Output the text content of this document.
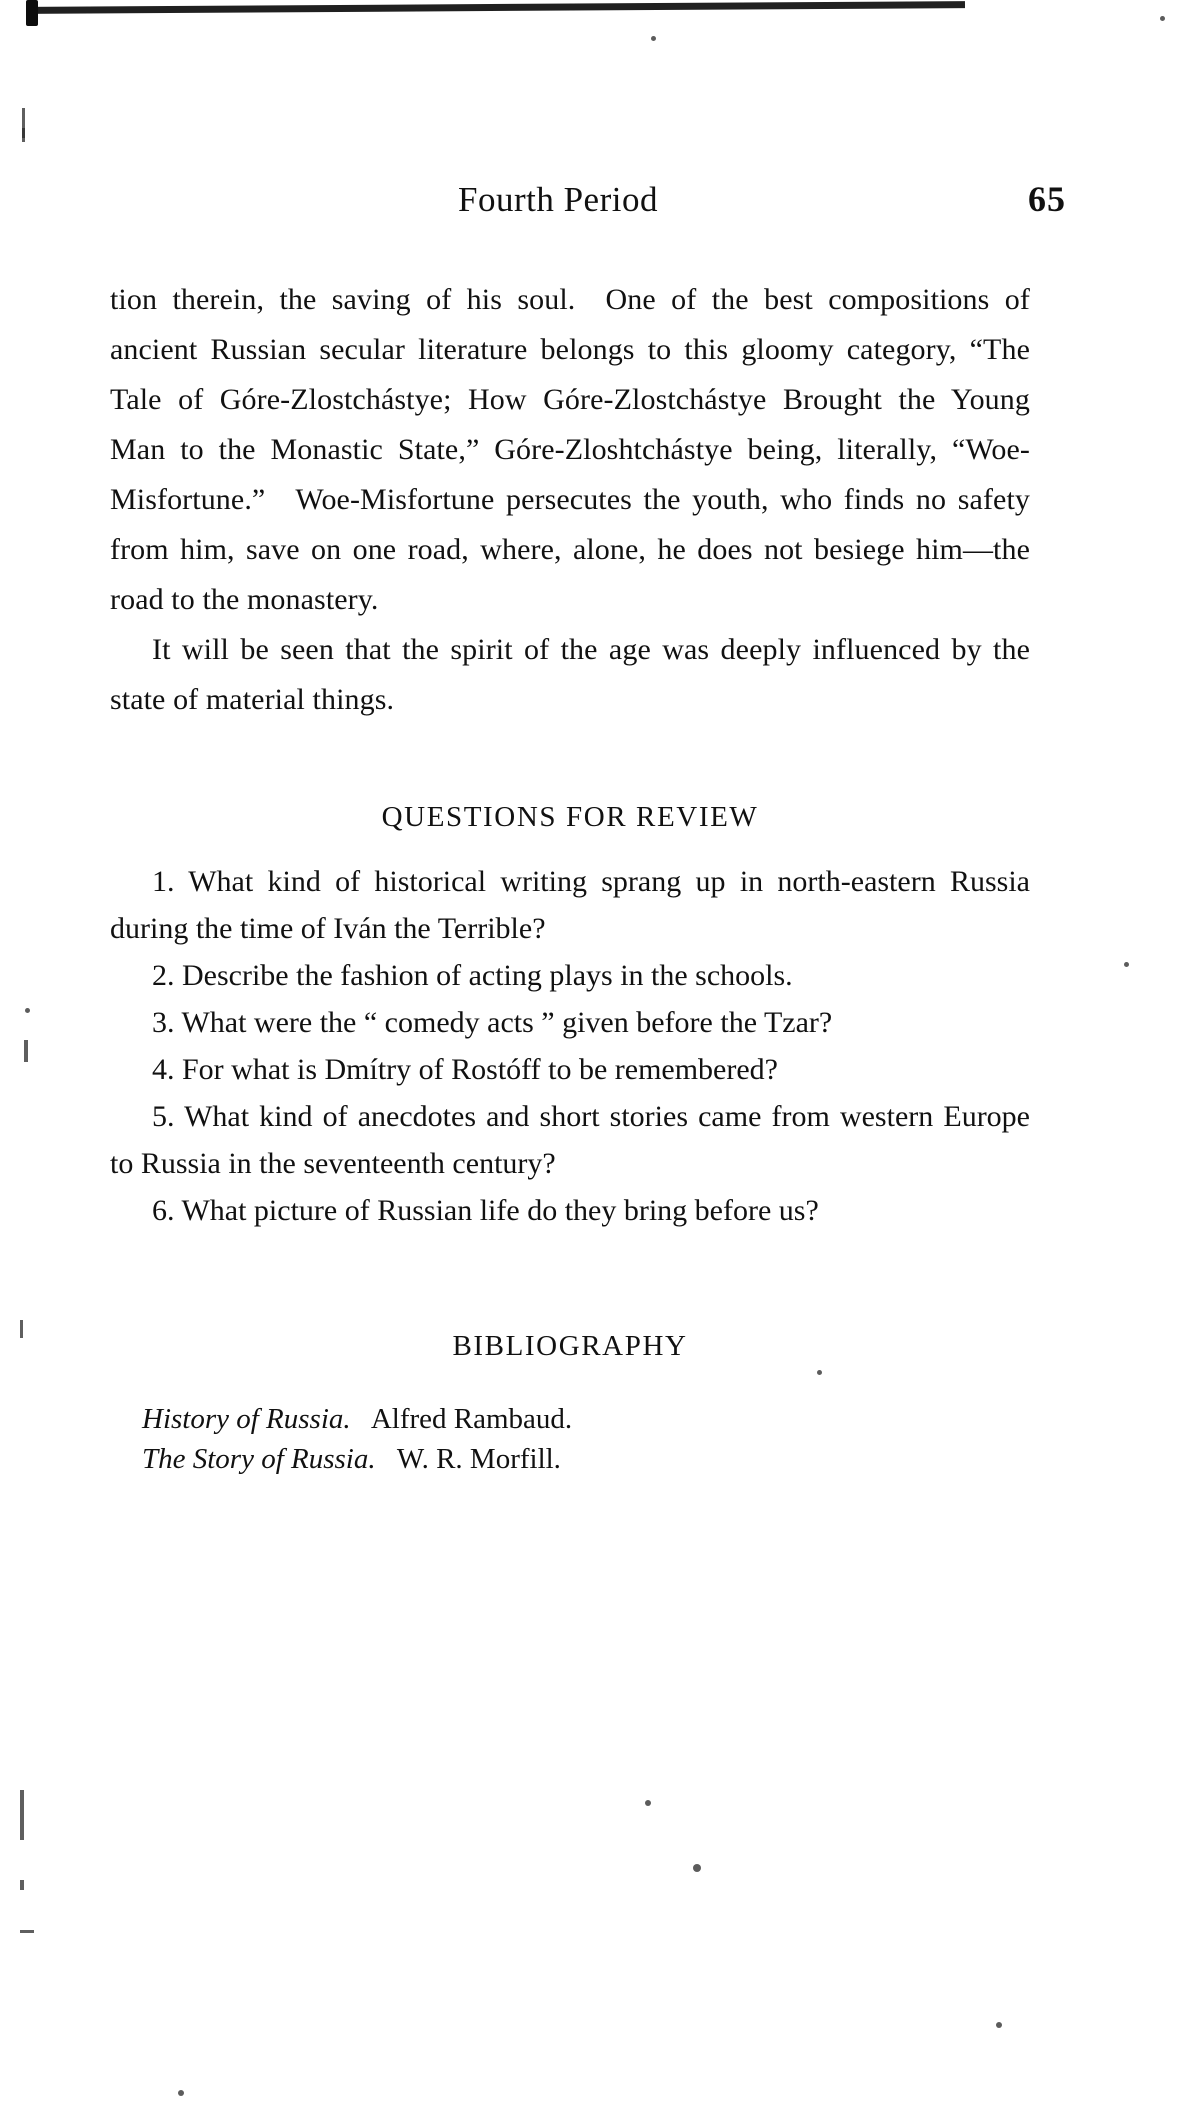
Fourth Period	65

tion therein, the saving of his soul. One of the best compositions of ancient Russian secular literature belongs to this gloomy category, “The Tale of Góre-Zlostchástye; How Góre-Zlostchástye Brought the Young Man to the Monastic State,” Góre-Zloshtchástye being, literally, “Woe-Misfortune.” Woe-Misfortune persecutes the youth, who finds no safety from him, save on one road, where, alone, he does not besiege him—the road to the monastery.

It will be seen that the spirit of the age was deeply influenced by the state of material things.

QUESTIONS FOR REVIEW
1. What kind of historical writing sprang up in north-eastern Russia during the time of Iván the Terrible?
2. Describe the fashion of acting plays in the schools.
3. What were the “ comedy acts ” given before the Tzar?
4. For what is Dmítry of Rostóff to be remembered?
5. What kind of anecdotes and short stories came from western Europe to Russia in the seventeenth century?
6. What picture of Russian life do they bring before us?
BIBLIOGRAPHY
History of Russia. Alfred Rambaud.
The Story of Russia. W. R. Morfill.
